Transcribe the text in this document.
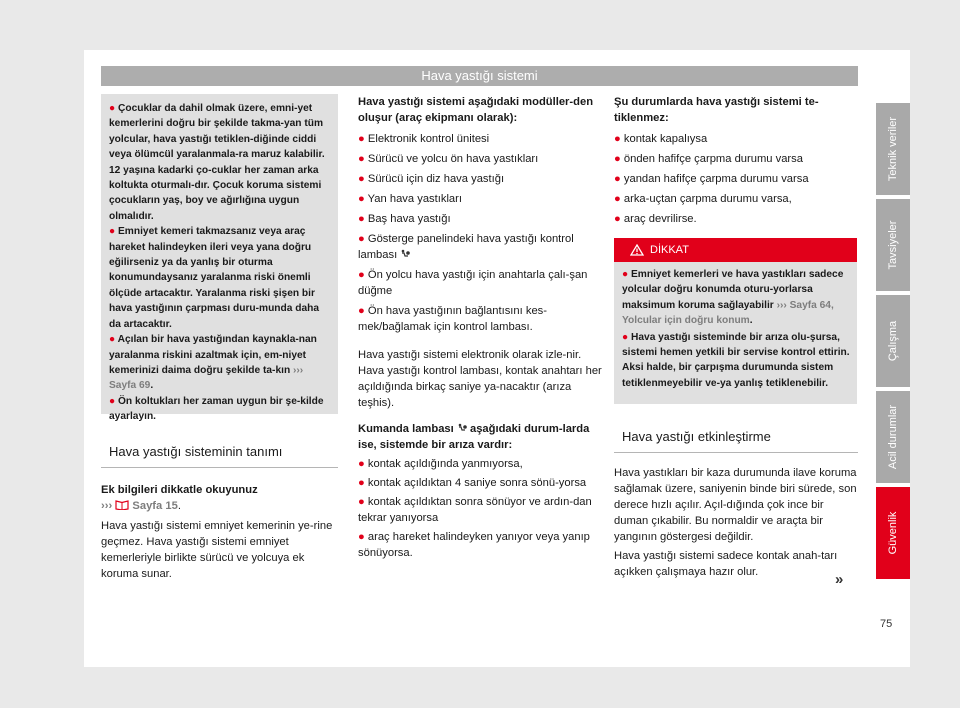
Hava yastığı sistemi

● Çocuklar da dahil olmak üzere, emni-yet kemerlerini doğru bir şekilde takma-yan tüm yolcular, hava yastığı tetiklen-diğinde ciddi veya ölümcül yaralanmala-ra maruz kalabilir. 12 yaşına kadarki ço-cuklar her zaman arka koltukta oturmalı-dır. Çocuk koruma sistemi çocukların yaş, boy ve ağırlığına uygun olmalıdır.

● Emniyet kemeri takmazsanız veya araç hareket halindeyken ileri veya yana doğru eğilirseniz ya da yanlış bir oturma konumundaysanız yaralanma riski önemli ölçüde artacaktır. Yaralanma riski şişen bir hava yastığının çarpması duru-munda daha da artacaktır.

● Açılan bir hava yastığından kaynakla-nan yaralanma riskini azaltmak için, em-niyet kemerinizi daima doğru şekilde ta-kın ››› Sayfa 69.

● Ön koltukları her zaman uygun bir şe-kilde ayarlayın.

Hava yastığı sisteminin tanımı

Ek bilgileri dikkatle okuyunuz

››› Sayfa 15.

Hava yastığı sistemi emniyet kemerinin ye-rine geçmez. Hava yastığı sistemi emniyet kemerleriyle birlikte sürücü ve yolcuya ek koruma sunar.

Hava yastığı sistemi aşağıdaki modüller-den oluşur (araç ekipmanı olarak):

● Elektronik kontrol ünitesi

● Sürücü ve yolcu ön hava yastıkları

● Sürücü için diz hava yastığı

● Yan hava yastıkları

● Baş hava yastığı

● Gösterge panelindeki hava yastığı kontrol lambası

● Ön yolcu hava yastığı için anahtarla çalı-şan düğme

● Ön hava yastığının bağlantısını kes-mek/bağlamak için kontrol lambası.

Hava yastığı sistemi elektronik olarak izle-nir. Hava yastığı kontrol lambası, kontak anahtarı her açıldığında birkaç saniye ya-nacaktır (arıza teşhis).

Kumanda lambası aşağıdaki durum-larda ise, sistemde bir arıza vardır:

● kontak açıldığında yanmıyorsa,

● kontak açıldıktan 4 saniye sonra sönü-yorsa

● kontak açıldıktan sonra sönüyor ve ardın-dan tekrar yanıyorsa

● araç hareket halindeyken yanıyor veya yanıp sönüyorsa.

Şu durumlarda hava yastığı sistemi te-tiklenmez:

● kontak kapalıysa

● önden hafifçe çarpma durumu varsa

● yandan hafifçe çarpma durumu varsa

● arka-uçtan çarpma durumu varsa,

● araç devrilirse.

DİKKAT

● Emniyet kemerleri ve hava yastıkları sadece yolcular doğru konumda oturu-yorlarsa maksimum koruma sağlayabilir ››› Sayfa 64, Yolcular için doğru konum.

● Hava yastığı sisteminde bir arıza olu-şursa, sistemi hemen yetkili bir servise kontrol ettirin. Aksi halde, bir çarpışma durumunda sistem tetiklenmeyebilir ve-ya yanlış tetiklenebilir.

Hava yastığı etkinleştirme

Hava yastıkları bir kaza durumunda ilave koruma sağlamak üzere, saniyenin binde biri sürede, son derece hızlı açılır. Açıl-dığında çok ince bir duman çıkabilir. Bu normaldir ve araçta bir yangının göstergesi değildir.

Hava yastığı sistemi sadece kontak anah-tarı açıkken çalışmaya hazır olur.	»
Teknik veriler
Tavsiyeler
Çalışma
Acil durumlar
Güvenlik
75
